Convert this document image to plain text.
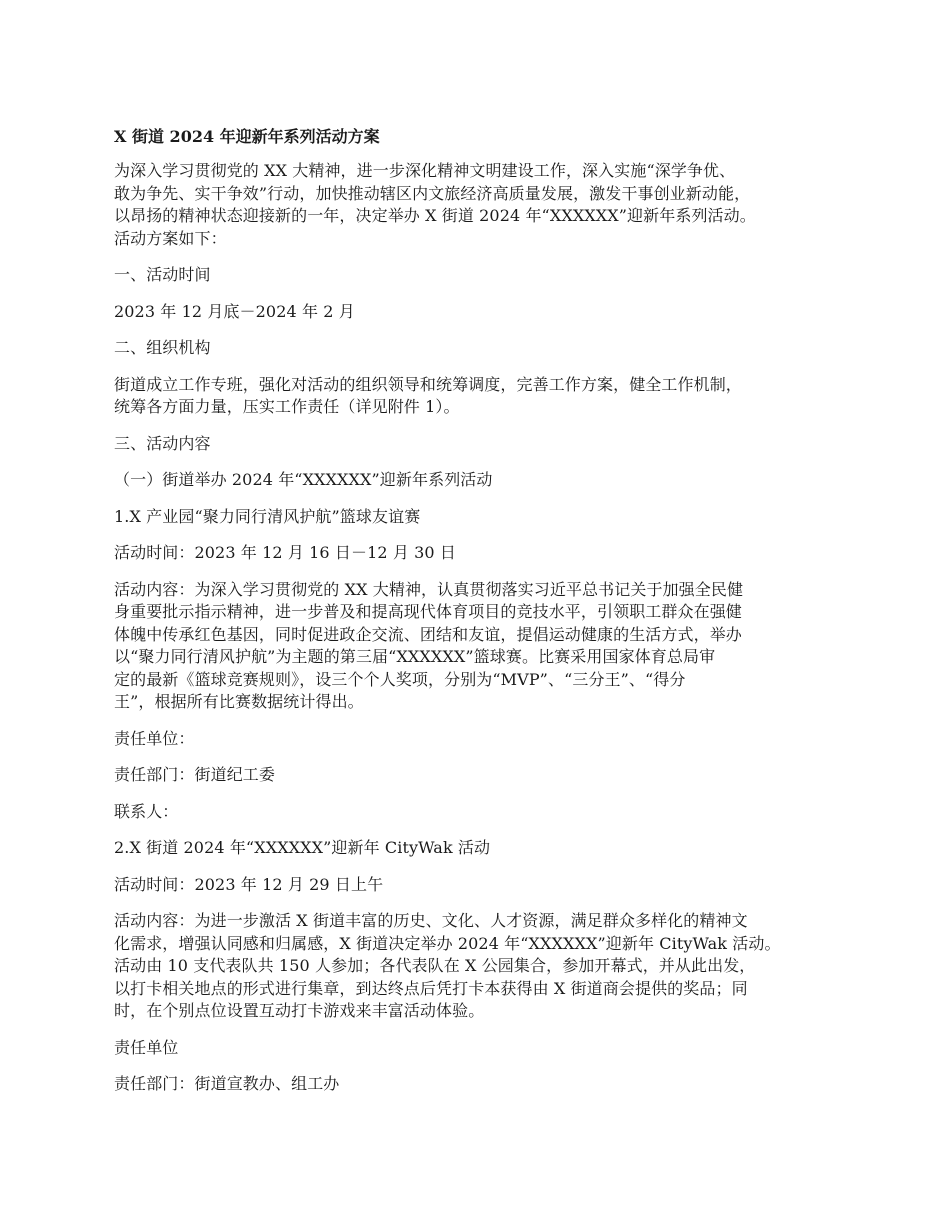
X 街道 2024 年迎新年系列活动方案
为深入学习贯彻党的 XX 大精神，进一步深化精神文明建设工作，深入实施“深学争优、
敢为争先、实干争效”行动，加快推动辖区内文旅经济高质量发展，激发干事创业新动能，
以昂扬的精神状态迎接新的一年，决定举办 X 街道 2024 年“XXXXXX”迎新年系列活动。
活动方案如下：
一、活动时间
2023 年 12 月底－2024 年 2 月
二、组织机构
街道成立工作专班，强化对活动的组织领导和统筹调度，完善工作方案，健全工作机制，
统筹各方面力量，压实工作责任（详见附件 1）。
三、活动内容
（一）街道举办 2024 年“XXXXXX”迎新年系列活动
1.X 产业园“聚力同行清风护航”篮球友谊赛
活动时间：2023 年 12 月 16 日－12 月 30 日
活动内容：为深入学习贯彻党的 XX 大精神，认真贯彻落实习近平总书记关于加强全民健
身重要批示指示精神，进一步普及和提高现代体育项目的竞技水平，引领职工群众在强健
体魄中传承红色基因，同时促进政企交流、团结和友谊，提倡运动健康的生活方式，举办
以“聚力同行清风护航”为主题的第三届“XXXXXX”篮球赛。比赛采用国家体育总局审
定的最新《篮球竞赛规则》，设三个个人奖项，分别为“MVP”、“三分王”、“得分
王”，根据所有比赛数据统计得出。
责任单位：
责任部门：街道纪工委
联系人：
2.X 街道 2024 年“XXXXXX”迎新年 CityWak 活动
活动时间：2023 年 12 月 29 日上午
活动内容：为进一步激活 X 街道丰富的历史、文化、人才资源，满足群众多样化的精神文
化需求，增强认同感和归属感，X 街道决定举办 2024 年“XXXXXX”迎新年 CityWak 活动。
活动由 10 支代表队共 150 人参加；各代表队在 X 公园集合，参加开幕式，并从此出发，
以打卡相关地点的形式进行集章，到达终点后凭打卡本获得由 X 街道商会提供的奖品；同
时，在个别点位设置互动打卡游戏来丰富活动体验。
责任单位
责任部门：街道宣教办、组工办
